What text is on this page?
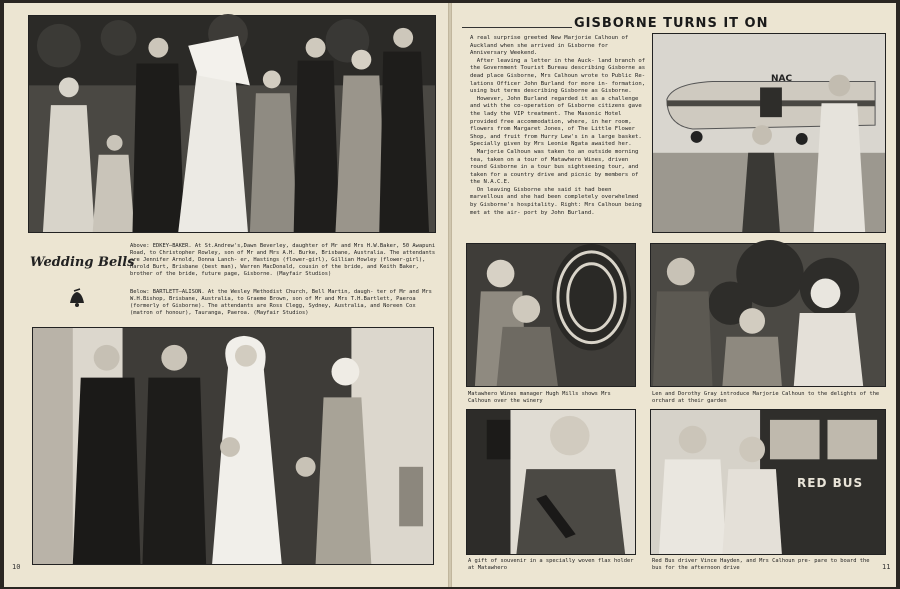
Wedding Bells
Above: EDKEY—BAKER. At St.Andrew's,Dawn Beverley, daughter of Mr and Mrs H.W.Baker, 50 Awapuni Road, to Christopher Rowley, son of Mr and Mrs A.H. Burke, Brisbane, Australia. The attendants are Jennifer Arnold, Donna Lanch- er, Hastings (flower-girl), Gillian Howley (flower-girl), Harold Burt, Brisbane (best man), Warren MacDonald, cousin of the bride, and Keith Baker, brother of the bride, future page, Gisborne. (Mayfair Studios)
Below: BARTLETT—ALISON. At the Wesley Methodist Church, Bell Martin, daugh- ter of Mr and Mrs W.H.Bishop, Brisbane, Australia, to Graeme Brown, son of Mr and Mrs T.H.Bartlett, Paeroa (formerly of Gisborne). The attendants are Ross Clegg, Sydney, Australia, and Noreen Cox (matron of honour), Tauranga, Paeroa. (Mayfair Studios)
10
GISBORNE TURNS IT ON
A real surprise greeted New Marjorie Calhoun of Auckland when she arrived in Gisborne for Anniversary Weekend.
After leaving a letter in the Auck- land branch of the Government Tourist Bureau describing Gisborne as dead place Gisborne, Mrs Calhoun wrote to Public Re- lations Officer John Burland for more in- formation, using but terms describing Gisborne as Gisborne.
However, John Burland regarded it as a challenge and with the co-operation of Gisborne citizens gave the lady the VIP treatment. The Masonic Hotel provided free accommodation, where, in her room, flowers from Margaret Jones, of The Little Flower Shop, and fruit from Hurry Lew's in a large basket. Specially given by Mrs Leonie Ngata awaited her.
Marjorie Calhoun was taken to an outside morning tea, taken on a tour of Matawhero Wines, driven round Gisborne in a tour bus sightseeing tour, and taken for a country drive and picnic by members of the N.A.C.E.
On leaving Gisborne she said it had been marvellous and she had been completely overwhelmed by Gisborne's hospitality. Right: Mrs Calhoun being met at the air- port by John Burland.
NAC
Matawhero Wines manager Hugh Mills shows Mrs Calhoun over the winery
Len and Dorothy Gray introduce Marjorie Calhoun to the delights of the orchard at their garden
RED BUS
A gift of souvenir in a specially woven flax holder at Matawhero
Red Bus driver Vince Hayden, and Mrs Calhoun pre- pare to board the bus for the afternoon drive	11
